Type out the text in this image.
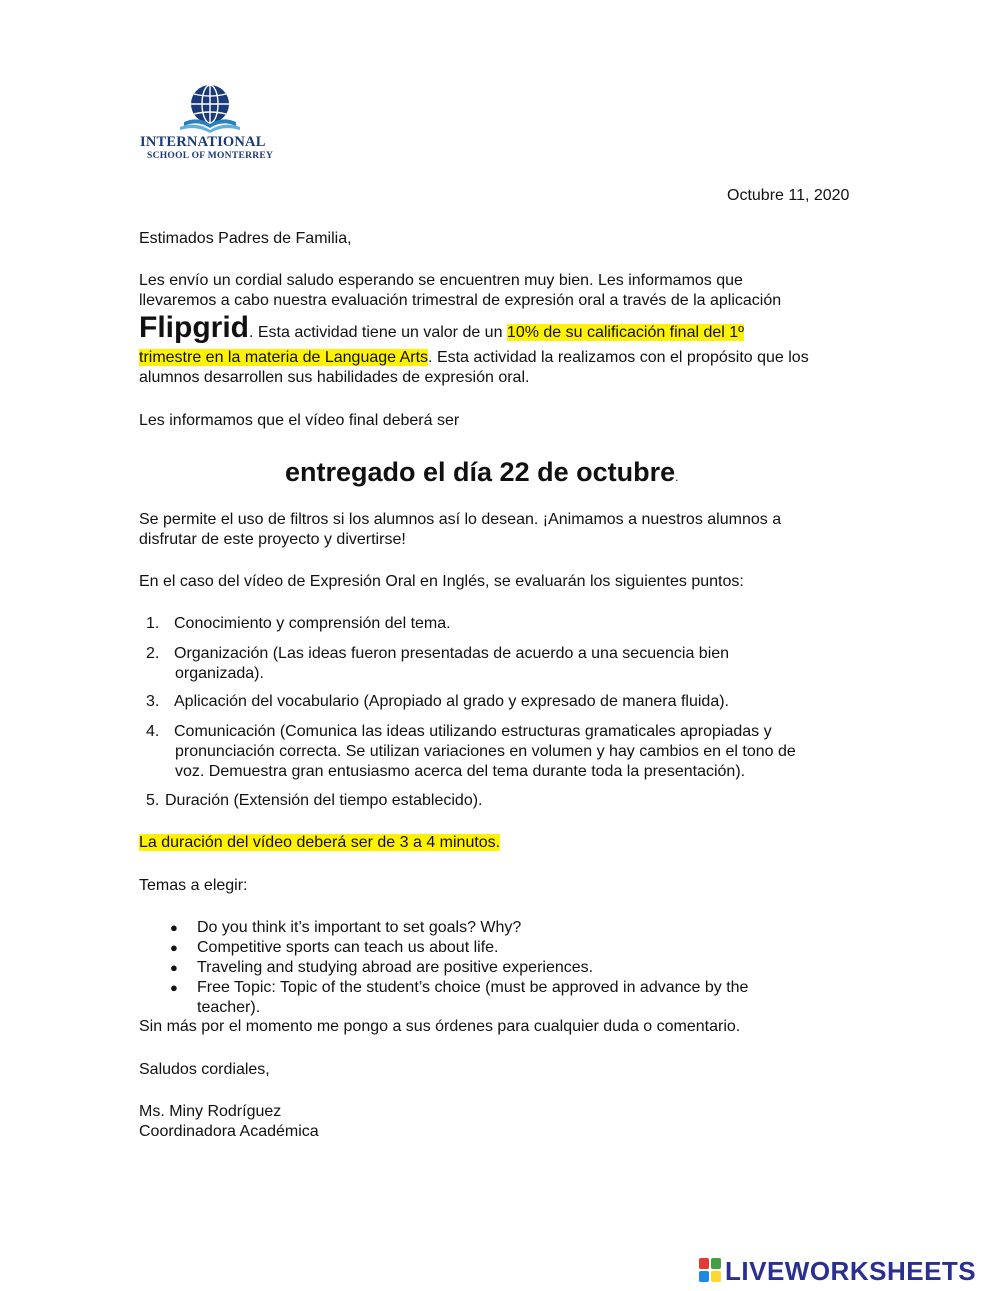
INTERNATIONAL
SCHOOL OF MONTERREY
Octubre 11, 2020
Estimados Padres de Familia,
Les envío un cordial saludo esperando se encuentren muy bien. Les informamos que
llevaremos a cabo nuestra evaluación trimestral de expresión oral a través de la aplicación
Flipgrid. Esta actividad tiene un valor de un 10% de su calificación final del 1º
trimestre en la materia de Language Arts. Esta actividad la realizamos con el propósito que los
alumnos desarrollen sus habilidades de expresión oral.
Les informamos que el vídeo final deberá ser
entregado el día 22 de octubre.
Se permite el uso de filtros si los alumnos así lo desean. ¡Animamos a nuestros alumnos a
disfrutar de este proyecto y divertirse!
En el caso del vídeo de Expresión Oral en Inglés, se evaluarán los siguientes puntos:
1. Conocimiento y comprensión del tema.
2. Organización (Las ideas fueron presentadas de acuerdo a una secuencia bien
organizada).
3. Aplicación del vocabulario (Apropiado al grado y expresado de manera fluida).
4. Comunicación (Comunica las ideas utilizando estructuras gramaticales apropiadas y
pronunciación correcta. Se utilizan variaciones en volumen y hay cambios en el tono de
voz. Demuestra gran entusiasmo acerca del tema durante toda la presentación).
5. Duración (Extensión del tiempo establecido).
La duración del vídeo deberá ser de 3 a 4 minutos.
Temas a elegir:
● Do you think it’s important to set goals? Why?
● Competitive sports can teach us about life.
● Traveling and studying abroad are positive experiences.
● Free Topic: Topic of the student’s choice (must be approved in advance by the
teacher).
Sin más por el momento me pongo a sus órdenes para cualquier duda o comentario.
Saludos cordiales,
Ms. Miny Rodríguez
Coordinadora Académica
LIVEWORKSHEETS
